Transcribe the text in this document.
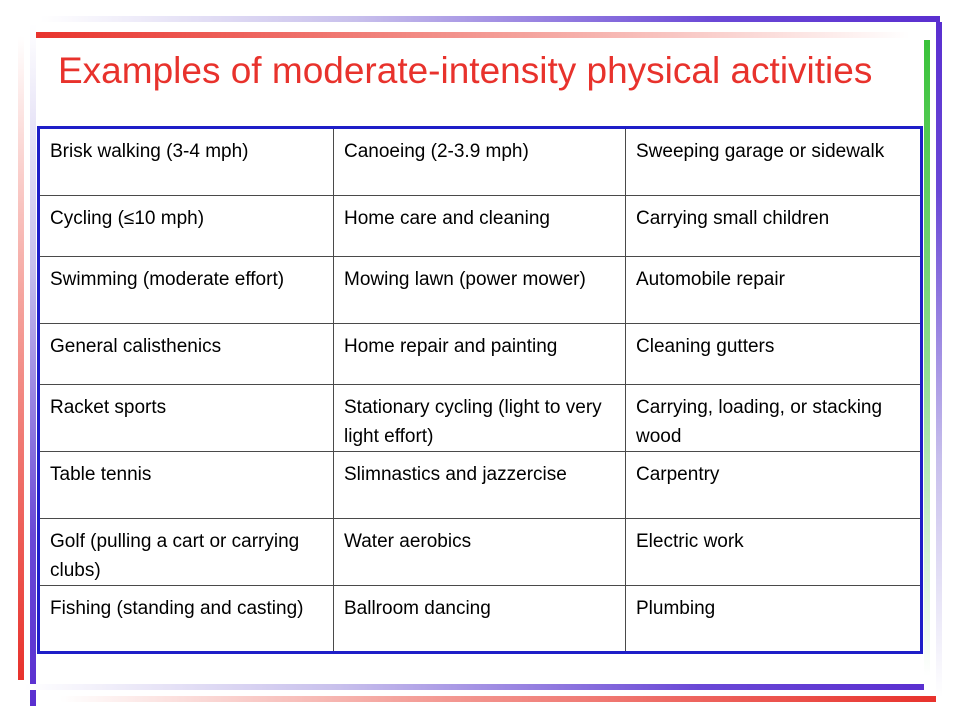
Examples of moderate-intensity physical activities
Brisk walking (3-4 mph)	Canoeing (2-3.9 mph)	Sweeping garage or sidewalk
Cycling (≤10 mph)	Home care and cleaning	Carrying small children
Swimming (moderate effort)	Mowing lawn (power mower)	Automobile repair
General calisthenics	Home repair and painting	Cleaning gutters
Racket sports	Stationary cycling (light to very light effort)	Carrying, loading, or stacking wood
Table tennis	Slimnastics and jazzercise	Carpentry
Golf (pulling a cart or carrying clubs)	Water aerobics	Electric work
Fishing (standing and casting)	Ballroom dancing	Plumbing
